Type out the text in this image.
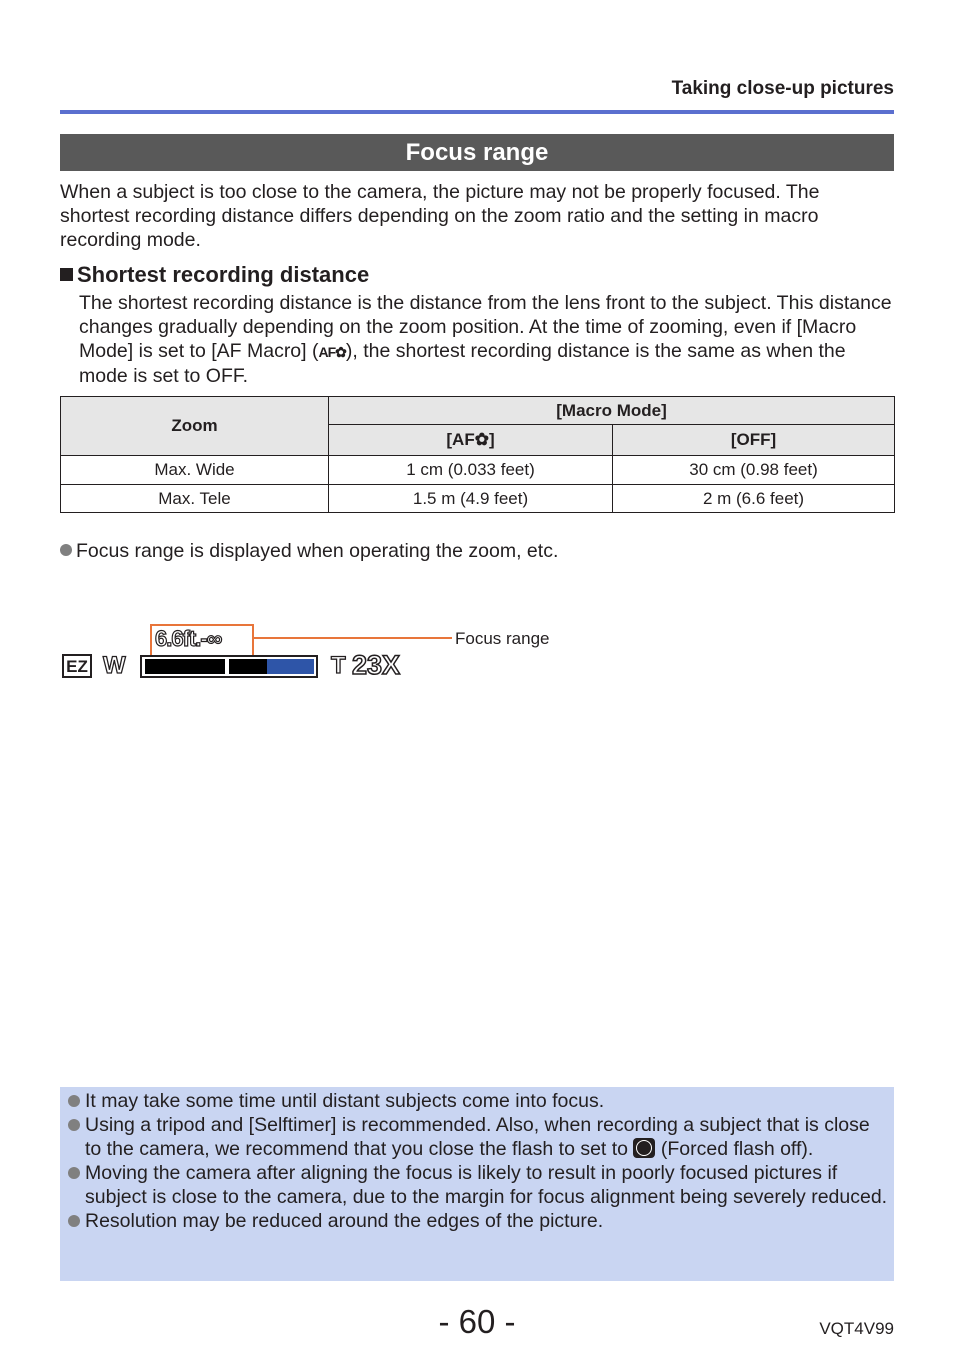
Taking close-up pictures
Focus range
When a subject is too close to the camera, the picture may not be properly focused. The shortest recording distance differs depending on the zoom ratio and the setting in macro recording mode.
Shortest recording distance
The shortest recording distance is the distance from the lens front to the subject. This distance changes gradually depending on the zoom position. At the time of zooming, even if [Macro Mode] is set to [AF Macro] (AF✿), the shortest recording distance is the same as when the mode is set to OFF.
Zoom	[Macro Mode]	
	[AF✿]	[OFF]
Max. Wide	1 cm (0.033 feet)	30 cm (0.98 feet)
Max. Tele	1.5 m (4.9 feet)	2 m (6.6 feet)
Focus range is displayed when operating the zoom, etc.
6.6ft.-∞	Focus range
EZ W	T 23X
It may take some time until distant subjects come into focus.
Using a tripod and [Selftimer] is recommended. Also, when recording a subject that is close to the camera, we recommend that you close the flash to set to (Forced flash off).
Moving the camera after aligning the focus is likely to result in poorly focused pictures if subject is close to the camera, due to the margin for focus alignment being severely reduced.
Resolution may be reduced around the edges of the picture.
- 60 -	VQT4V99
